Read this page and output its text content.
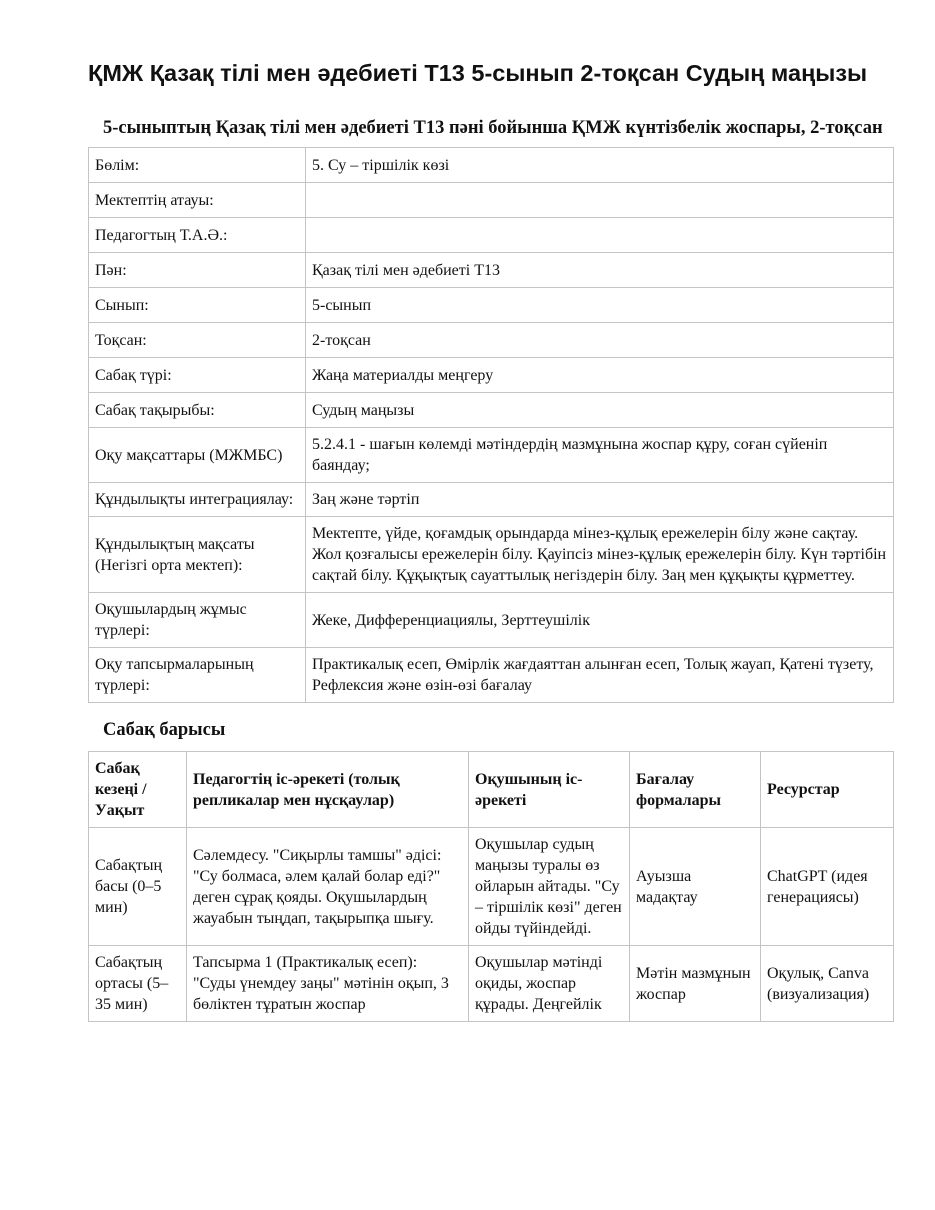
ҚМЖ Қазақ тілі мен әдебиеті Т13 5-сынып 2-тоқсан Судың маңызы
5-сыныптың Қазақ тілі мен әдебиеті Т13 пәні бойынша ҚМЖ күнтізбелік жоспары, 2-тоқсан
Бөлім:	5. Су – тіршілік көзі
Мектептің атауы:	
Педагогтың Т.А.Ә.:	
Пән:	Қазақ тілі мен әдебиеті Т13
Сынып:	5-сынып
Тоқсан:	2-тоқсан
Сабақ түрі:	Жаңа материалды меңгеру
Сабақ тақырыбы:	Судың маңызы
Оқу мақсаттары (МЖМБС)	5.2.4.1 - шағын көлемді мәтіндердің мазмұнына жоспар құру, соған сүйеніп баяндау;
Құндылықты интеграциялау:	Заң және тәртіп
Құндылықтың мақсаты (Негізгі орта мектеп):	Мектепте, үйде, қоғамдық орындарда мінез-құлық ережелерін білу және сақтау. Жол қозғалысы ережелерін білу. Қауіпсіз мінез-құлық ережелерін білу. Күн тәртібін сақтай білу. Құқықтық сауаттылық негіздерін білу. Заң мен құқықты құрметтеу.
Оқушылардың жұмыс түрлері:	Жеке, Дифференциациялы, Зерттеушілік
Оқу тапсырмаларының түрлері:	Практикалық есеп, Өмірлік жағдаяттан алынған есеп, Толық жауап, Қатені түзету, Рефлексия және өзін-өзі бағалау
Сабақ барысы
Сабақ кезеңі / Уақыт	Педагогтің іс-әрекеті (толық репликалар мен нұсқаулар)	Оқушының іс-әрекеті	Бағалау формалары	Ресурстар
Сабақтың басы (0–5 мин)	Сәлемдесу. "Сиқырлы тамшы" әдісі: "Су болмаса, әлем қалай болар еді?" деген сұрақ қояды. Оқушылардың жауабын тыңдап, тақырыпқа шығу.	Оқушылар судың маңызы туралы өз ойларын айтады. "Су – тіршілік көзі" деген ойды түйіндейді.	Ауызша мадақтау	ChatGPT (идея генерациясы)
Сабақтың ортасы (5–35 мин)	Тапсырма 1 (Практикалық есеп): "Суды үнемдеу заңы" мәтінін оқып, 3 бөліктен тұратын жоспар	Оқушылар мәтінді оқиды, жоспар құрады. Деңгейлік	Мәтін мазмұнын жоспар	Оқулық, Canva (визуализация)
